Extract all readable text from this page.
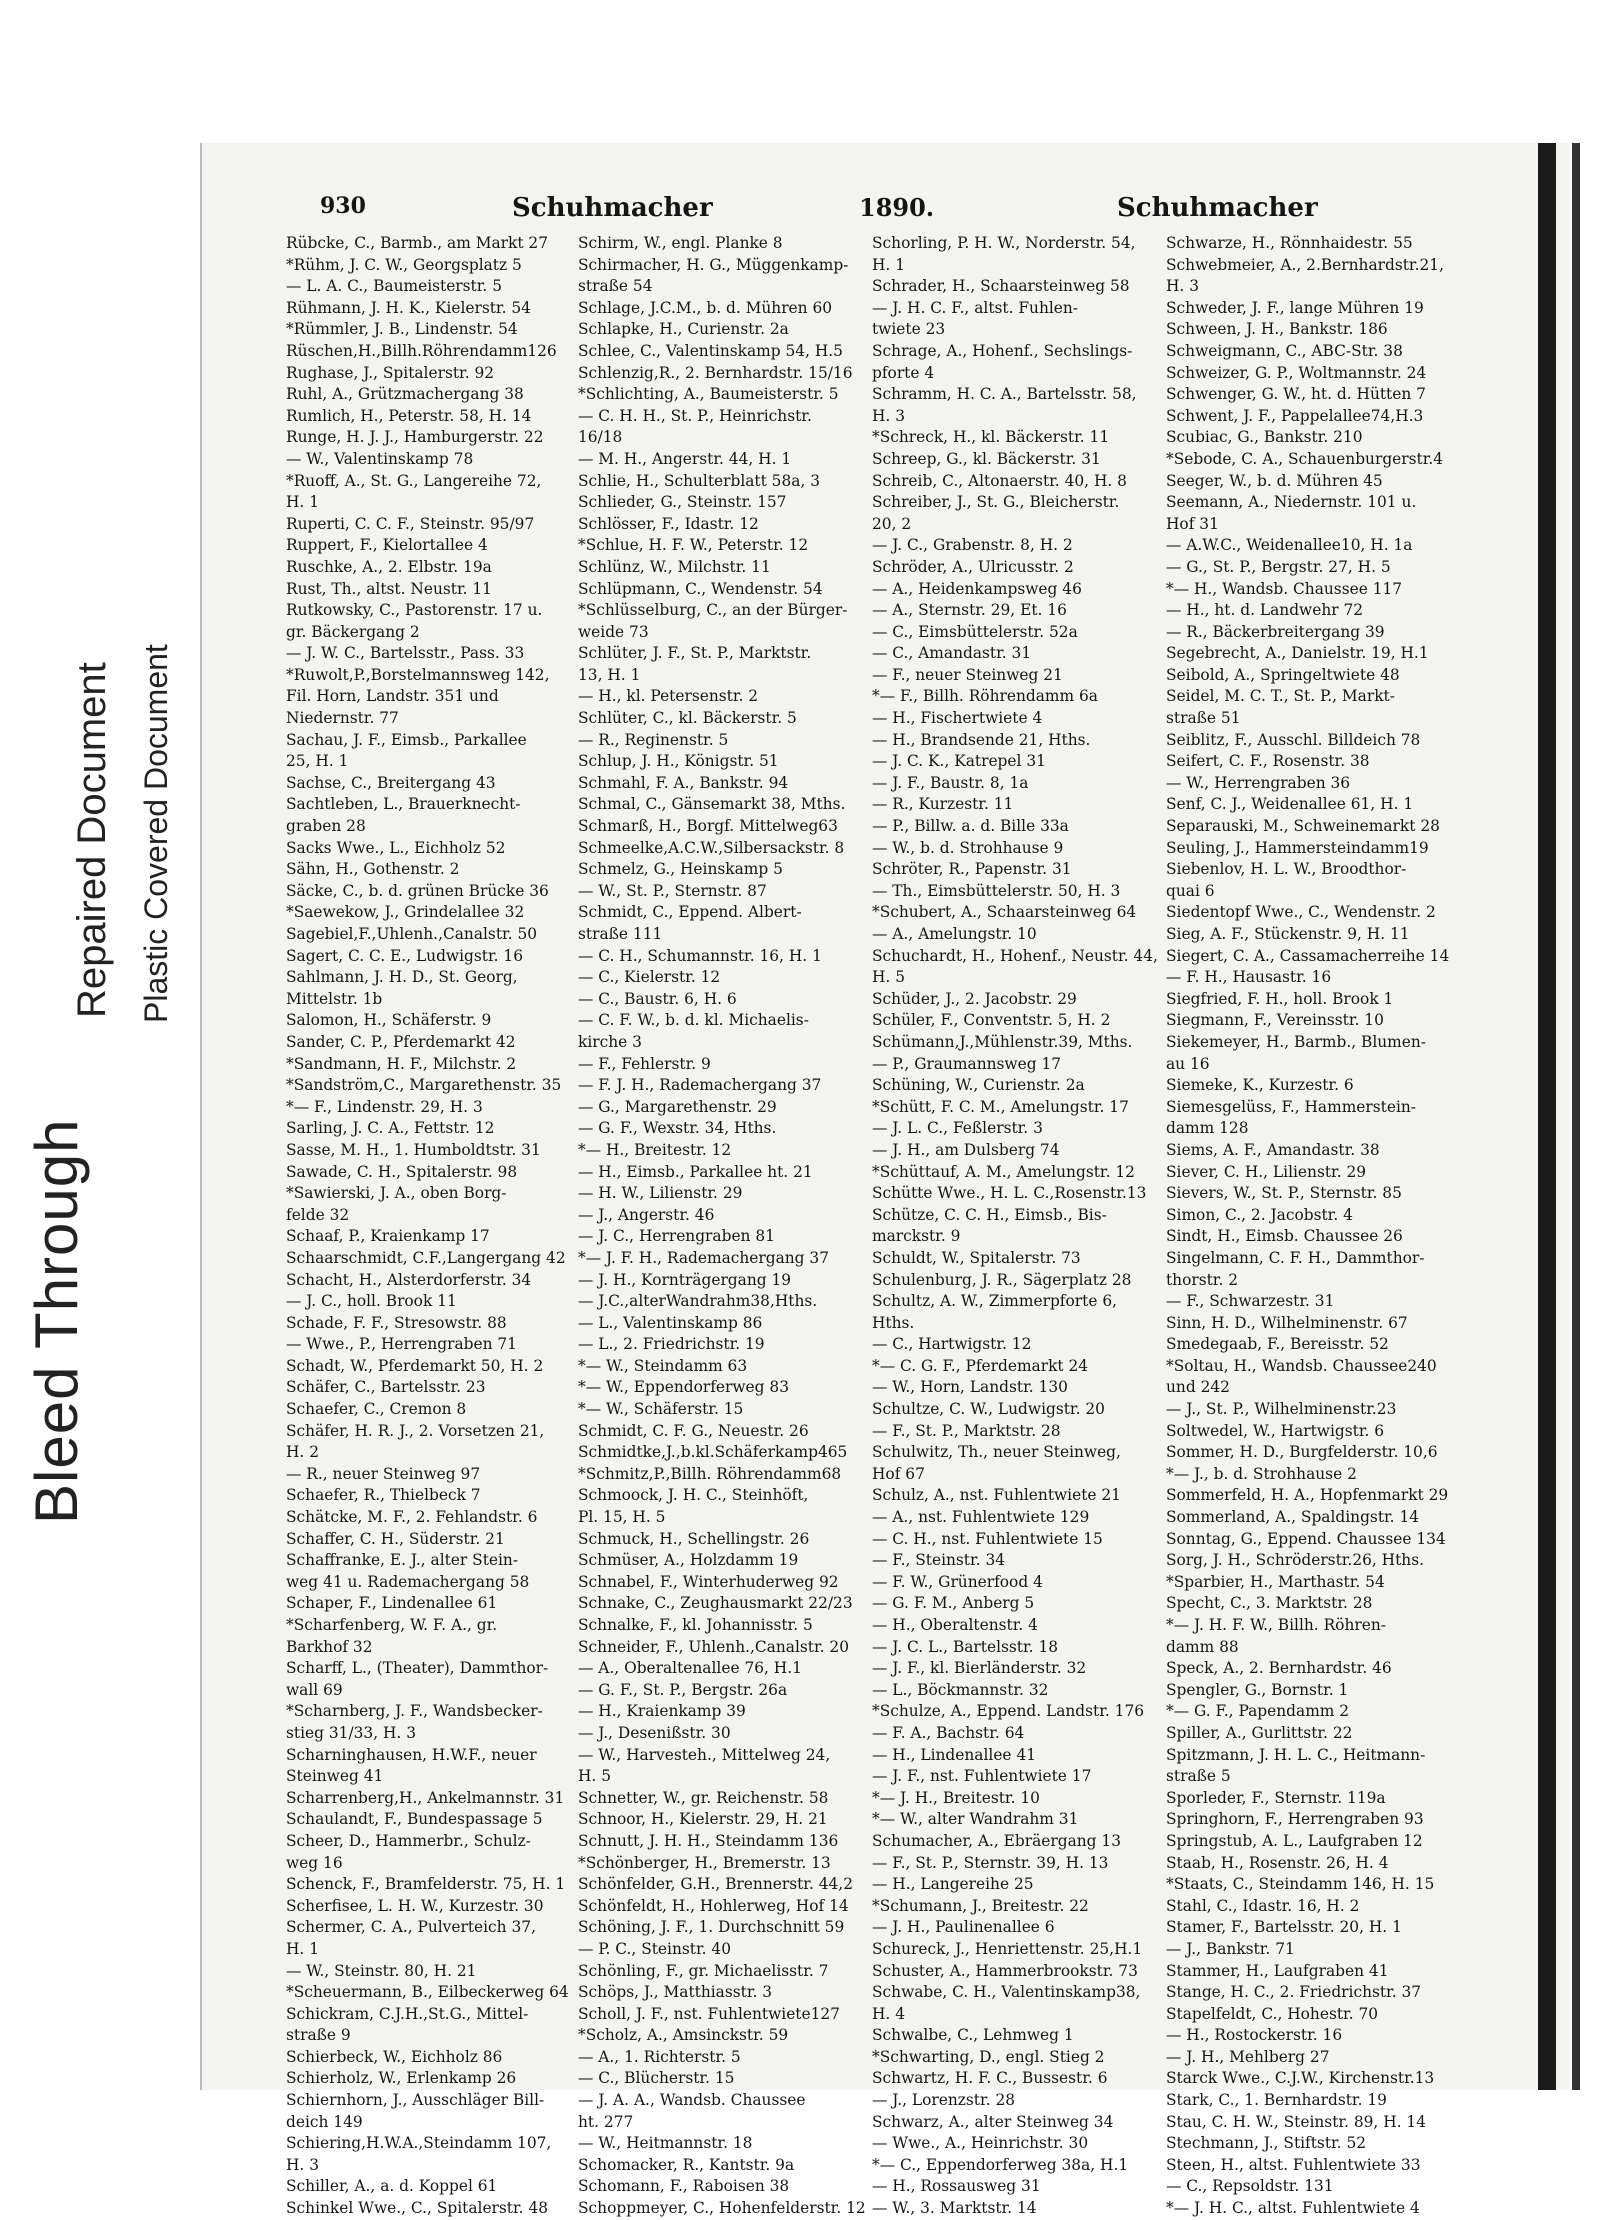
Bleed Through
Repaired Document Plastic Covered Document
930	Schuhmacher	1890.	Schuhmacher
Rübcke, C., Barmb., am Markt 27
*Rühm, J. C. W., Georgsplatz 5
— L. A. C., Baumeisterstr. 5
Rühmann, J. H. K., Kielerstr. 54
*Rümmler, J. B., Lindenstr. 54
Rüschen,H.,Billh.Röhrendamm126
Rughase, J., Spitalerstr. 92
Ruhl, A., Grützmachergang 38
Rumlich, H., Peterstr. 58, H. 14
Runge, H. J. J., Hamburgerstr. 22
— W., Valentinskamp 78
*Ruoff, A., St. G., Langereihe 72,
H. 1
Ruperti, C. C. F., Steinstr. 95/97
Ruppert, F., Kielortallee 4
Ruschke, A., 2. Elbstr. 19a
Rust, Th., altst. Neustr. 11
Rutkowsky, C., Pastorenstr. 17 u.
gr. Bäckergang 2
— J. W. C., Bartelsstr., Pass. 33
*Ruwolt,P.,Borstelmannsweg 142,
Fil. Horn, Landstr. 351 und
Niedernstr. 77
Sachau, J. F., Eimsb., Parkallee
25, H. 1
Sachse, C., Breitergang 43
Sachtleben, L., Brauerknecht-
graben 28
Sacks Wwe., L., Eichholz 52
Sähn, H., Gothenstr. 2
Säcke, C., b. d. grünen Brücke 36
*Saewekow, J., Grindelallee 32
Sagebiel,F.,Uhlenh.,Canalstr. 50
Sagert, C. C. E., Ludwigstr. 16
Sahlmann, J. H. D., St. Georg,
Mittelstr. 1b
Salomon, H., Schäferstr. 9
Sander, C. P., Pferdemarkt 42
*Sandmann, H. F., Milchstr. 2
*Sandström,C., Margarethenstr. 35
*— F., Lindenstr. 29, H. 3
Sarling, J. C. A., Fettstr. 12
Sasse, M. H., 1. Humboldtstr. 31
Sawade, C. H., Spitalerstr. 98
*Sawierski, J. A., oben Borg-
felde 32
Schaaf, P., Kraienkamp 17
Schaarschmidt, C.F.,Langergang 42
Schacht, H., Alsterdorferstr. 34
— J. C., holl. Brook 11
Schade, F. F., Stresowstr. 88
— Wwe., P., Herrengraben 71
Schadt, W., Pferdemarkt 50, H. 2
Schäfer, C., Bartelsstr. 23
Schaefer, C., Cremon 8
Schäfer, H. R. J., 2. Vorsetzen 21,
H. 2
— R., neuer Steinweg 97
Schaefer, R., Thielbeck 7
Schätcke, M. F., 2. Fehlandstr. 6
Schaffer, C. H., Süderstr. 21
Schaffranke, E. J., alter Stein-
weg 41 u. Rademachergang 58
Schaper, F., Lindenallee 61
*Scharfenberg, W. F. A., gr.
Barkhof 32
Scharff, L., (Theater), Dammthor-
wall 69
*Scharnberg, J. F., Wandsbecker-
stieg 31/33, H. 3
Scharninghausen, H.W.F., neuer
Steinweg 41
Scharrenberg,H., Ankelmannstr. 31
Schaulandt, F., Bundespassage 5
Scheer, D., Hammerbr., Schulz-
weg 16
Schenck, F., Bramfelderstr. 75, H. 1
Scherfisee, L. H. W., Kurzestr. 30
Schermer, C. A., Pulverteich 37,
H. 1
— W., Steinstr. 80, H. 21
*Scheuermann, B., Eilbeckerweg 64
Schickram, C.J.H.,St.G., Mittel-
straße 9
Schierbeck, W., Eichholz 86
Schierholz, W., Erlenkamp 26
Schiernhorn, J., Ausschläger Bill-
deich 149
Schiering,H.W.A.,Steindamm 107,
H. 3
Schiller, A., a. d. Koppel 61
Schinkel Wwe., C., Spitalerstr. 48
Schirm, W., engl. Planke 8
Schirmacher, H. G., Müggenkamp-
straße 54
Schlage, J.C.M., b. d. Mühren 60
Schlapke, H., Curienstr. 2a
Schlee, C., Valentinskamp 54, H.5
Schlenzig,R., 2. Bernhardstr. 15/16
*Schlichting, A., Baumeisterstr. 5
— C. H. H., St. P., Heinrichstr.
16/18
— M. H., Angerstr. 44, H. 1
Schlie, H., Schulterblatt 58a, 3
Schlieder, G., Steinstr. 157
Schlösser, F., Idastr. 12
*Schlue, H. F. W., Peterstr. 12
Schlünz, W., Milchstr. 11
Schlüpmann, C., Wendenstr. 54
*Schlüsselburg, C., an der Bürger-
weide 73
Schlüter, J. F., St. P., Marktstr.
13, H. 1
— H., kl. Petersenstr. 2
Schlüter, C., kl. Bäckerstr. 5
— R., Reginenstr. 5
Schlup, J. H., Königstr. 51
Schmahl, F. A., Bankstr. 94
Schmal, C., Gänsemarkt 38, Mths.
Schmarß, H., Borgf. Mittelweg63
Schmeelke,A.C.W.,Silbersackstr. 8
Schmelz, G., Heinskamp 5
— W., St. P., Sternstr. 87
Schmidt, C., Eppend. Albert-
straße 111
— C. H., Schumannstr. 16, H. 1
— C., Kielerstr. 12
— C., Baustr. 6, H. 6
— C. F. W., b. d. kl. Michaelis-
kirche 3
— F., Fehlerstr. 9
— F. J. H., Rademachergang 37
— G., Margarethenstr. 29
— G. F., Wexstr. 34, Hths.
*— H., Breitestr. 12
— H., Eimsb., Parkallee ht. 21
— H. W., Lilienstr. 29
— J., Angerstr. 46
— J. C., Herrengraben 81
*— J. F. H., Rademachergang 37
— J. H., Kornträgergang 19
— J.C.,alterWandrahm38,Hths.
— L., Valentinskamp 86
— L., 2. Friedrichstr. 19
*— W., Steindamm 63
*— W., Eppendorferweg 83
*— W., Schäferstr. 15
Schmidt, C. F. G., Neuestr. 26
Schmidtke,J.,b.kl.Schäferkamp465
*Schmitz,P.,Billh. Röhrendamm68
Schmoock, J. H. C., Steinhöft,
Pl. 15, H. 5
Schmuck, H., Schellingstr. 26
Schmüser, A., Holzdamm 19
Schnabel, F., Winterhuderweg 92
Schnake, C., Zeughausmarkt 22/23
Schnalke, F., kl. Johannisstr. 5
Schneider, F., Uhlenh.,Canalstr. 20
— A., Oberaltenallee 76, H.1
— G. F., St. P., Bergstr. 26a
— H., Kraienkamp 39
— J., Desenißstr. 30
— W., Harvesteh., Mittelweg 24,
H. 5
Schnetter, W., gr. Reichenstr. 58
Schnoor, H., Kielerstr. 29, H. 21
Schnutt, J. H. H., Steindamm 136
*Schönberger, H., Bremerstr. 13
Schönfelder, G.H., Brennerstr. 44,2
Schönfeldt, H., Hohlerweg, Hof 14
Schöning, J. F., 1. Durchschnitt 59
— P. C., Steinstr. 40
Schönling, F., gr. Michaelisstr. 7
Schöps, J., Matthiasstr. 3
Scholl, J. F., nst. Fuhlentwiete127
*Scholz, A., Amsinckstr. 59
— A., 1. Richterstr. 5
— C., Blücherstr. 15
— J. A. A., Wandsb. Chaussee
ht. 277
— W., Heitmannstr. 18
Schomacker, R., Kantstr. 9a
Schomann, F., Raboisen 38
Schoppmeyer, C., Hohenfelderstr. 12
Schorling, P. H. W., Norderstr. 54,
H. 1
Schrader, H., Schaarsteinweg 58
— J. H. C. F., altst. Fuhlen-
twiete 23
Schrage, A., Hohenf., Sechslings-
pforte 4
Schramm, H. C. A., Bartelsstr. 58,
H. 3
*Schreck, H., kl. Bäckerstr. 11
Schreep, G., kl. Bäckerstr. 31
Schreib, C., Altonaerstr. 40, H. 8
Schreiber, J., St. G., Bleicherstr.
20, 2
— J. C., Grabenstr. 8, H. 2
Schröder, A., Ulricusstr. 2
— A., Heidenkampsweg 46
— A., Sternstr. 29, Et. 16
— C., Eimsbüttelerstr. 52a
— C., Amandastr. 31
— F., neuer Steinweg 21
*— F., Billh. Röhrendamm 6a
— H., Fischertwiete 4
— H., Brandsende 21, Hths.
— J. C. K., Katrepel 31
— J. F., Baustr. 8, 1a
— R., Kurzestr. 11
— P., Billw. a. d. Bille 33a
— W., b. d. Strohhause 9
Schröter, R., Papenstr. 31
— Th., Eimsbüttelerstr. 50, H. 3
*Schubert, A., Schaarsteinweg 64
— A., Amelungstr. 10
Schuchardt, H., Hohenf., Neustr. 44,
H. 5
Schüder, J., 2. Jacobstr. 29
Schüler, F., Conventstr. 5, H. 2
Schümann,J.,Mühlenstr.39, Mths.
— P., Graumannsweg 17
Schüning, W., Curienstr. 2a
*Schütt, F. C. M., Amelungstr. 17
— J. L. C., Feßlerstr. 3
— J. H., am Dulsberg 74
*Schüttauf, A. M., Amelungstr. 12
Schütte Wwe., H. L. C.,Rosenstr.13
Schütze, C. C. H., Eimsb., Bis-
marckstr. 9
Schuldt, W., Spitalerstr. 73
Schulenburg, J. R., Sägerplatz 28
Schultz, A. W., Zimmerpforte 6,
Hths.
— C., Hartwigstr. 12
*— C. G. F., Pferdemarkt 24
— W., Horn, Landstr. 130
Schultze, C. W., Ludwigstr. 20
— F., St. P., Marktstr. 28
Schulwitz, Th., neuer Steinweg,
Hof 67
Schulz, A., nst. Fuhlentwiete 21
— A., nst. Fuhlentwiete 129
— C. H., nst. Fuhlentwiete 15
— F., Steinstr. 34
— F. W., Grünerfood 4
— G. F. M., Anberg 5
— H., Oberaltenstr. 4
— J. C. L., Bartelsstr. 18
— J. F., kl. Bierländerstr. 32
— L., Böckmannstr. 32
*Schulze, A., Eppend. Landstr. 176
— F. A., Bachstr. 64
— H., Lindenallee 41
— J. F., nst. Fuhlentwiete 17
*— J. H., Breitestr. 10
*— W., alter Wandrahm 31
Schumacher, A., Ebräergang 13
— F., St. P., Sternstr. 39, H. 13
— H., Langereihe 25
*Schumann, J., Breitestr. 22
— J. H., Paulinenallee 6
Schureck, J., Henriettenstr. 25,H.1
Schuster, A., Hammerbrookstr. 73
Schwabe, C. H., Valentinskamp38,
H. 4
Schwalbe, C., Lehmweg 1
*Schwarting, D., engl. Stieg 2
Schwartz, H. F. C., Bussestr. 6
— J., Lorenzstr. 28
Schwarz, A., alter Steinweg 34
— Wwe., A., Heinrichstr. 30
*— C., Eppendorferweg 38a, H.1
— H., Rossausweg 31
— W., 3. Marktstr. 14
Schwarze, H., Rönnhaidestr. 55
Schwebmeier, A., 2.Bernhardstr.21,
H. 3
Schweder, J. F., lange Mühren 19
Schween, J. H., Bankstr. 186
Schweigmann, C., ABC-Str. 38
Schweizer, G. P., Woltmannstr. 24
Schwenger, G. W., ht. d. Hütten 7
Schwent, J. F., Pappelallee74,H.3
Scubiac, G., Bankstr. 210
*Sebode, C. A., Schauenburgerstr.4
Seeger, W., b. d. Mühren 45
Seemann, A., Niedernstr. 101 u.
Hof 31
— A.W.C., Weidenallee10, H. 1a
— G., St. P., Bergstr. 27, H. 5
*— H., Wandsb. Chaussee 117
— H., ht. d. Landwehr 72
— R., Bäckerbreitergang 39
Segebrecht, A., Danielstr. 19, H.1
Seibold, A., Springeltwiete 48
Seidel, M. C. T., St. P., Markt-
straße 51
Seiblitz, F., Ausschl. Billdeich 78
Seifert, C. F., Rosenstr. 38
— W., Herrengraben 36
Senf, C. J., Weidenallee 61, H. 1
Separauski, M., Schweinemarkt 28
Seuling, J., Hammersteindamm19
Siebenlov, H. L. W., Broodthor-
quai 6
Siedentopf Wwe., C., Wendenstr. 2
Sieg, A. F., Stückenstr. 9, H. 11
Siegert, C. A., Cassamacherreihe 14
— F. H., Hausastr. 16
Siegfried, F. H., holl. Brook 1
Siegmann, F., Vereinsstr. 10
Siekemeyer, H., Barmb., Blumen-
au 16
Siemeke, K., Kurzestr. 6
Siemesgelüss, F., Hammerstein-
damm 128
Siems, A. F., Amandastr. 38
Siever, C. H., Lilienstr. 29
Sievers, W., St. P., Sternstr. 85
Simon, C., 2. Jacobstr. 4
Sindt, H., Eimsb. Chaussee 26
Singelmann, C. F. H., Dammthor-
thorstr. 2
— F., Schwarzestr. 31
Sinn, H. D., Wilhelminenstr. 67
Smedegaab, F., Bereisstr. 52
*Soltau, H., Wandsb. Chaussee240
und 242
— J., St. P., Wilhelminenstr.23
Soltwedel, W., Hartwigstr. 6
Sommer, H. D., Burgfelderstr. 10,6
*— J., b. d. Strohhause 2
Sommerfeld, H. A., Hopfenmarkt 29
Sommerland, A., Spaldingstr. 14
Sonntag, G., Eppend. Chaussee 134
Sorg, J. H., Schröderstr.26, Hths.
*Sparbier, H., Marthastr. 54
Specht, C., 3. Marktstr. 28
*— J. H. F. W., Billh. Röhren-
damm 88
Speck, A., 2. Bernhardstr. 46
Spengler, G., Bornstr. 1
*— G. F., Papendamm 2
Spiller, A., Gurlittstr. 22
Spitzmann, J. H. L. C., Heitmann-
straße 5
Sporleder, F., Sternstr. 119a
Springhorn, F., Herrengraben 93
Springstub, A. L., Laufgraben 12
Staab, H., Rosenstr. 26, H. 4
*Staats, C., Steindamm 146, H. 15
Stahl, C., Idastr. 16, H. 2
Stamer, F., Bartelsstr. 20, H. 1
— J., Bankstr. 71
Stammer, H., Laufgraben 41
Stange, H. C., 2. Friedrichstr. 37
Stapelfeldt, C., Hohestr. 70
— H., Rostockerstr. 16
— J. H., Mehlberg 27
Starck Wwe., C.J.W., Kirchenstr.13
Stark, C., 1. Bernhardstr. 19
Stau, C. H. W., Steinstr. 89, H. 14
Stechmann, J., Stiftstr. 52
Steen, H., altst. Fuhlentwiete 33
— C., Repsoldstr. 131
*— J. H. C., altst. Fuhlentwiete 4
